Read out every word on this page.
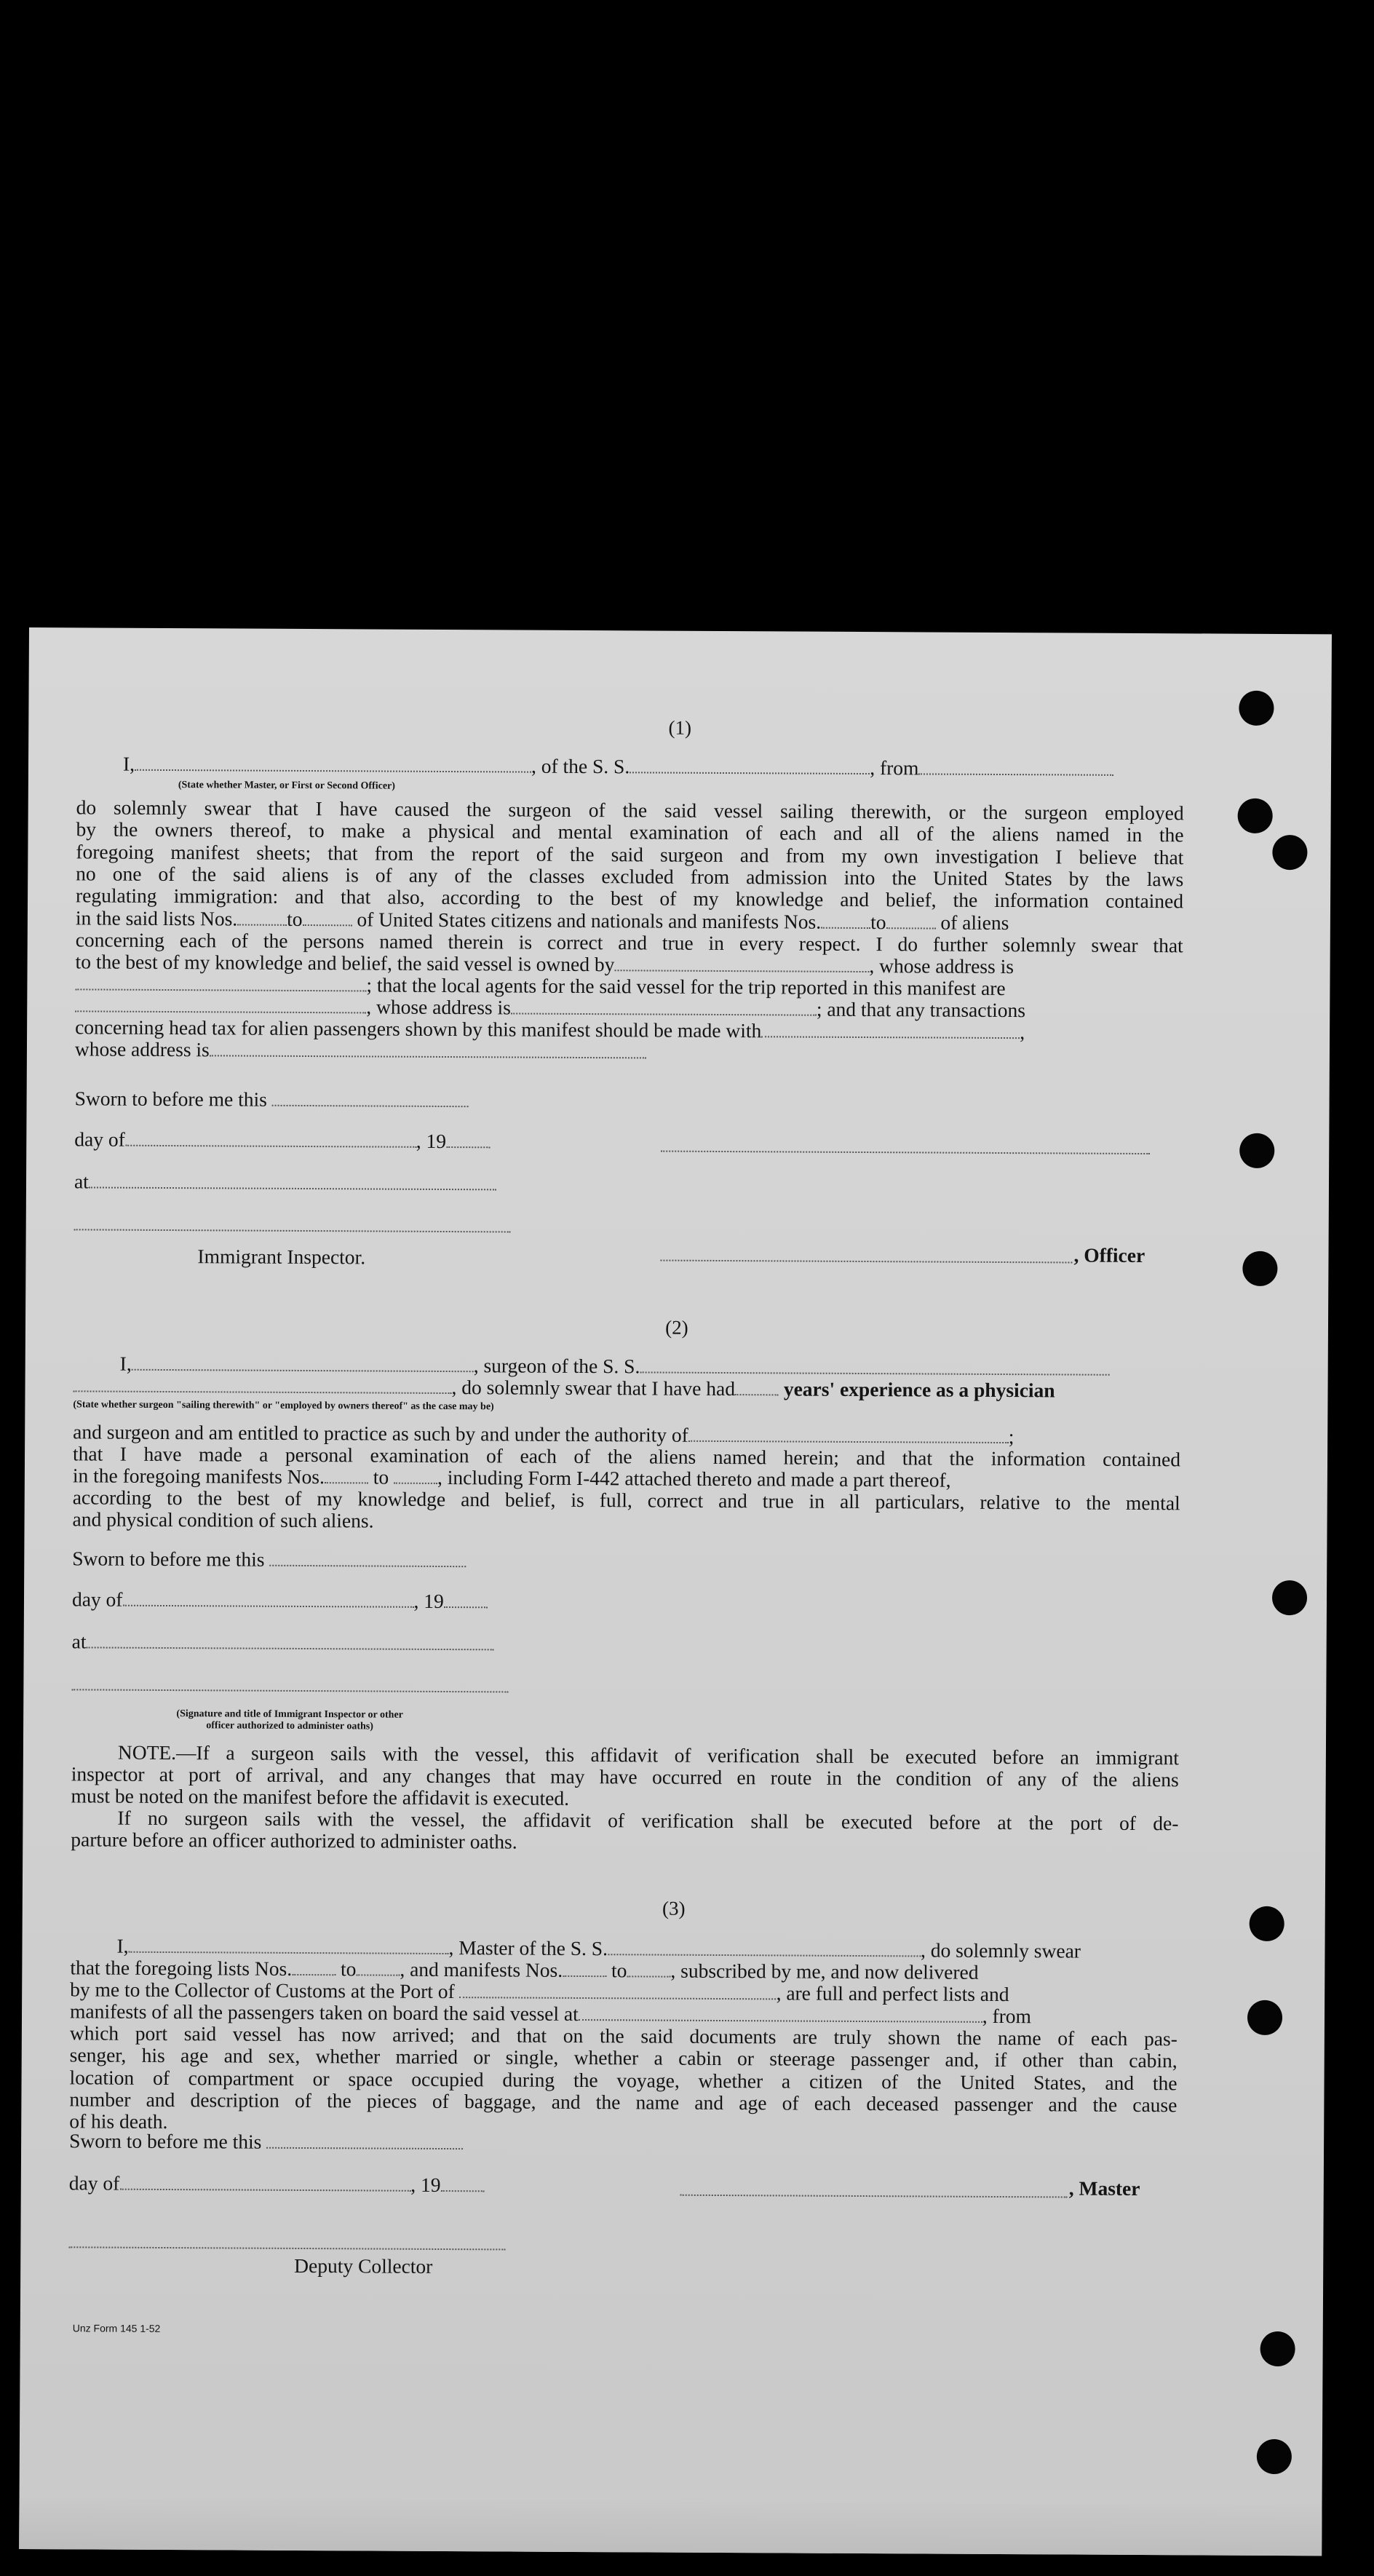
(1)
I,	, of the S. S.	, from
(State whether Master, or First or Second Officer)
do solemnly swear that I have caused the surgeon of the said vessel sailing therewith, or the surgeon employed
by the owners thereof, to make a physical and mental examination of each and all of the aliens named in the
foregoing manifest sheets; that from the report of the said surgeon and from my own investigation I believe that
no one of the said aliens is of any of the classes excluded from admission into the United States by the laws
regulating immigration: and that also, according to the best of my knowledge and belief, the information contained
in the said lists Nos. to	of United States citizens and nationals and manifests Nos. to	of aliens
concerning each of the persons named therein is correct and true in every respect. I do further solemnly swear that
to the best of my knowledge and belief, the said vessel is owned by	, whose address is
; that the local agents for the said vessel for the trip reported in this manifest are
, whose address is	; and that any transactions
concerning head tax for alien passengers shown by this manifest should be made with	,
whose address is
Sworn to before me this
day of	, 19
at
Immigrant Inspector.	, Officer
(2)
I,	, surgeon of the S. S.
, do solemnly swear that I have had years' experience as a physician
(State whether surgeon "sailing therewith" or "employed by owners thereof" as the case may be)
and surgeon and am entitled to practice as such by and under the authority of	;
that I have made a personal examination of each of the aliens named herein; and that the information contained
in the foregoing manifests Nos. to , including Form I-442 attached thereto and made a part thereof,
according to the best of my knowledge and belief, is full, correct and true in all particulars, relative to the mental
and physical condition of such aliens.
Sworn to before me this
day of	, 19
at
(Signature and title of Immigrant Inspector or other
officer authorized to administer oaths)
NOTE.—If a surgeon sails with the vessel, this affidavit of verification shall be executed before an immigrant
inspector at port of arrival, and any changes that may have occurred en route in the condition of any of the aliens
must be noted on the manifest before the affidavit is executed.
If no surgeon sails with the vessel, the affidavit of verification shall be executed before at the port of de-
parture before an officer authorized to administer oaths.
(3)
I,	, Master of the S. S.	, do solemnly swear
that the foregoing lists Nos. to , and manifests Nos. to , subscribed by me, and now delivered
by me to the Collector of Customs at the Port of	, are full and perfect lists and
manifests of all the passengers taken on board the said vessel at	, from
which port said vessel has now arrived; and that on the said documents are truly shown the name of each pas-
senger, his age and sex, whether married or single, whether a cabin or steerage passenger and, if other than cabin,
location of compartment or space occupied during the voyage, whether a citizen of the United States, and the
number and description of the pieces of baggage, and the name and age of each deceased passenger and the cause
of his death.
Sworn to before me this
day of	, 19	, Master
Deputy Collector
Unz Form 145 1-52
